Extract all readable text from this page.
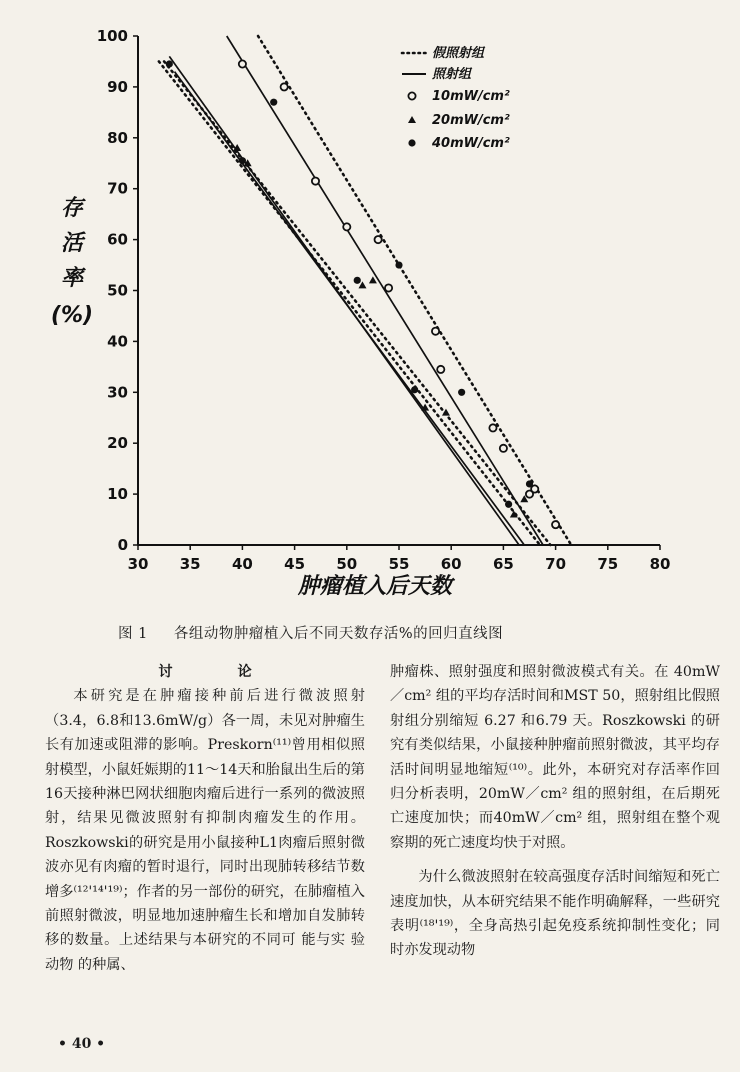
30 35 40 45 50 55 60 65 70 75 80
0
10
20
30
40
50
60
70
80
90
100
肿瘤植入后天数
存
活
率
(%)
假照射组
照射组
10mW/cm²
20mW/cm²
40mW/cm²
图 1 各组动物肿瘤植入后不同天数存活%的回归直线图

讨 论

本研究是在肿瘤接种前后进行微波照射（3.4，6.8和13.6mW/g）各一周，未见对肿瘤生长有加速或阻滞的影响。Preskorn⁽¹¹⁾曾用相似照射模型，小鼠妊娠期的11～14天和胎鼠出生后的第16天接种淋巴网状细胞肉瘤后进行一系列的微波照射，结果见微波照射有抑制肉瘤发生的作用。Roszkowski的研究是用小鼠接种L1肉瘤后照射微波亦见有肉瘤的暂时退行，同时出现肺转移结节数增多⁽¹²'¹⁴'¹⁹⁾；作者的另一部份的研究，在肺瘤植入前照射微波，明显地加速肿瘤生长和增加自发肺转移的数量。上述结果与本研究的不同可 能与实 验 动物 的种属、

肿瘤株、照射强度和照射微波模式有关。在 40mW／cm² 组的平均存活时间和MST 50，照射组比假照射组分别缩短 6.27 和6.79 天。Roszkowski 的研究有类似结果，小鼠接种肿瘤前照射微波，其平均存活时间明显地缩短⁽¹⁰⁾。此外，本研究对存活率作回归分析表明，20mW／cm² 组的照射组，在后期死亡速度加快；而40mW／cm² 组，照射组在整个观察期的死亡速度均快于对照。

为什么微波照射在较高强度存活时间缩短和死亡速度加快，从本研究结果不能作明确解释，一些研究表明⁽¹⁸'¹⁹⁾，全身高热引起免疫系统抑制性变化；同时亦发现动物

• 40 •
